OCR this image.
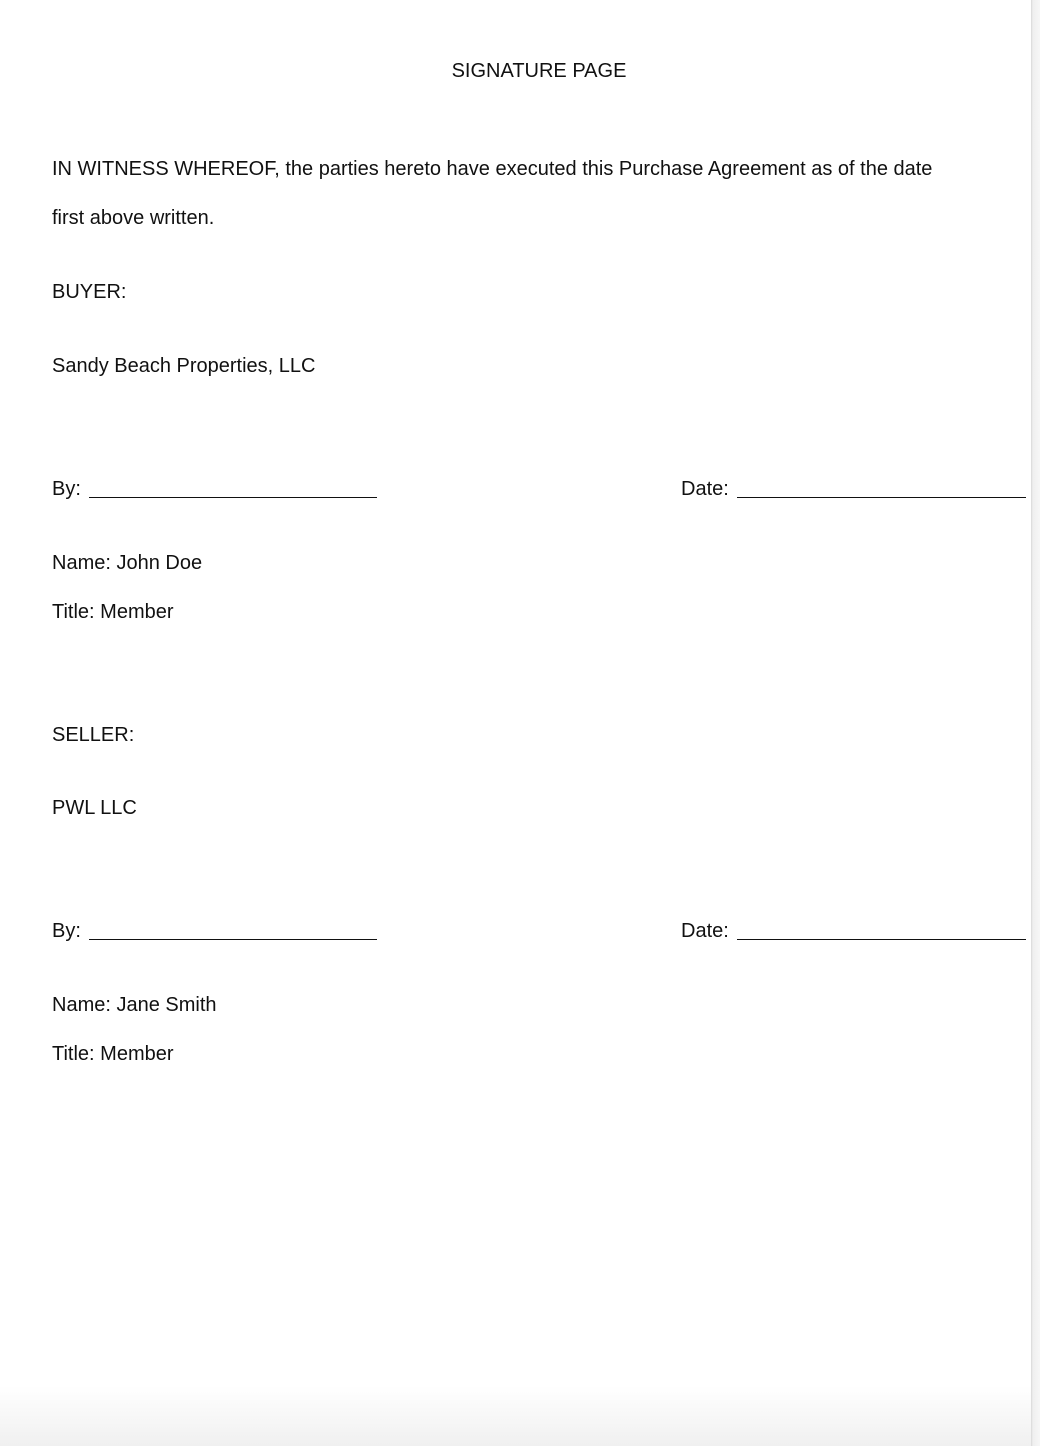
SIGNATURE PAGE
IN WITNESS WHEREOF, the parties hereto have executed this Purchase Agreement as of the date
first above written.
BUYER:
Sandy Beach Properties, LLC
By:	Date:
Name: John Doe
Title: Member
SELLER:
PWL LLC
By:	Date:
Name: Jane Smith
Title: Member
